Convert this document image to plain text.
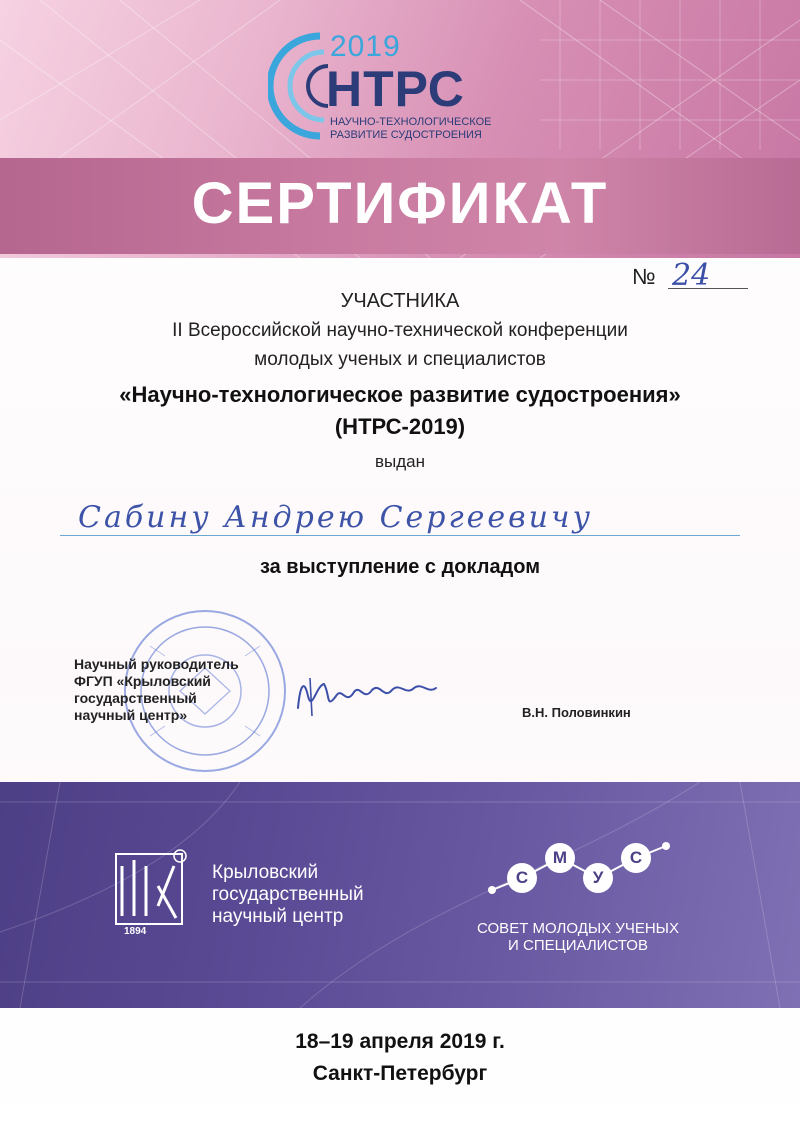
2019
НТРС
НАУЧНО-ТЕХНОЛОГИЧЕСКОЕ
РАЗВИТИЕ СУДОСТРОЕНИЯ
СЕРТИФИКАТ
№ 24
УЧАСТНИКА
II Всероссийской научно-технической конференции
молодых ученых и специалистов
«Научно-технологическое развитие судостроения»
(НТРС-2019)
выдан
Сабину Андрею Сергеевичу
за выступление с докладом
Научный руководитель
ФГУП «Крыловский
государственный
научный центр»	В.Н. Половинкин
1894
Крыловский
государственный
научный центр
С
М
У
С
СОВЕТ МОЛОДЫХ УЧЕНЫХ
И СПЕЦИАЛИСТОВ
18–19 апреля 2019 г.
Санкт-Петербург
